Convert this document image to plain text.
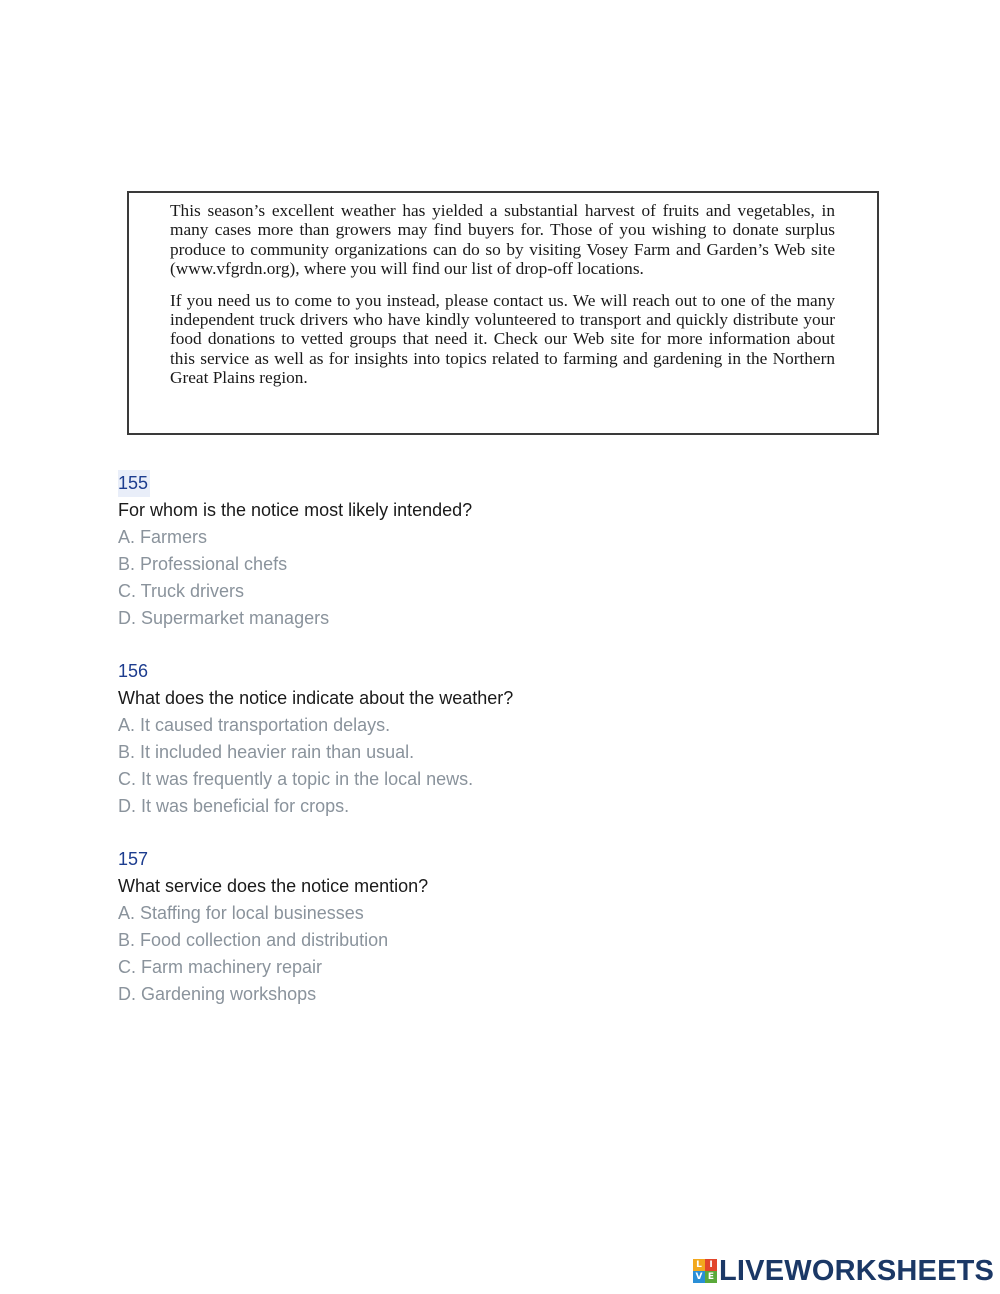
This season’s excellent weather has yielded a substantial harvest of fruits and vegetables, in many cases more than growers may find buyers for. Those of you wishing to donate surplus produce to community organizations can do so by visiting Vosey Farm and Garden’s Web site (www.vfgrdn.org), where you will find our list of drop-off locations.

If you need us to come to you instead, please contact us. We will reach out to one of the many independent truck drivers who have kindly volunteered to transport and quickly distribute your food donations to vetted groups that need it. Check our Web site for more information about this service as well as for insights into topics related to farming and gardening in the Northern Great Plains region.

155
For whom is the notice most likely intended?
A. Farmers
B. Professional chefs
C. Truck drivers
D. Supermarket managers
156
What does the notice indicate about the weather?
A. It caused transportation delays.
B. It included heavier rain than usual.
C. It was frequently a topic in the local news.
D. It was beneficial for crops.
157
What service does the notice mention?
A. Staffing for local businesses
B. Food collection and distribution
C. Farm machinery repair
D. Gardening workshops
L I
V E LIVEWORKSHEETS
